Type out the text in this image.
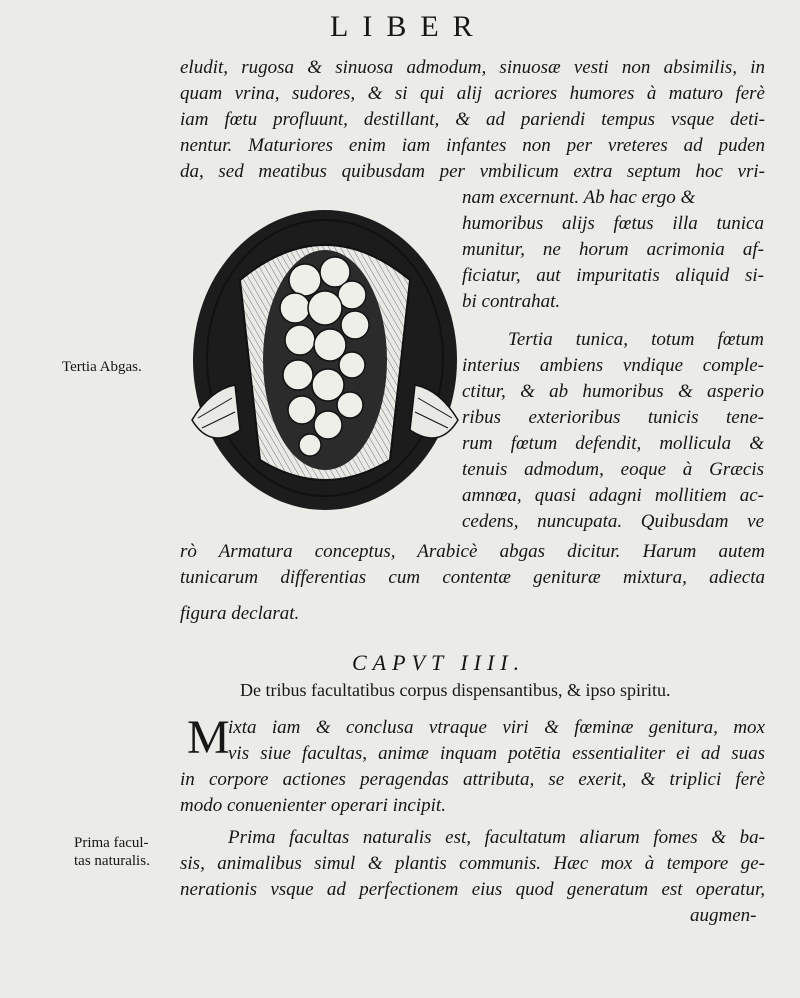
LIBER
eludit, rugosa & sinuosa admodum, sinuosæ vesti non absimilis, in
quam vrina, sudores, & si qui alij acriores humores à maturo ferè
iam fœtu profluunt, destillant, & ad pariendi tempus vsque deti-
nentur. Maturiores enim iam infantes non per vreteres ad puden
da, sed meatibus quibusdam per vmbilicum extra septum hoc vri-
nam excernunt. Ab hac ergo &
humoribus alijs fœtus illa tunica
munitur, ne horum acrimonia af-
ficiatur, aut impuritatis aliquid si-
bi contrahat.
Tertia tunica, totum fœtum
interius ambiens vndique comple-
ctitur, & ab humoribus & asperio
ribus exterioribus tunicis tene-
rum fœtum defendit, mollicula &
tenuis admodum, eoque à Græcis
amnœa, quasi adagni mollitiem ac-
cedens, nuncupata. Quibusdam ve
rò Armatura conceptus, Arabicè abgas dicitur. Harum autem
tunicarum differentias cum contentæ genituræ mixtura, adiecta
figura declarat.
CAPVT IIII.
De tribus facultatibus corpus dispensantibus, & ipso spiritu.
M
ixta iam & conclusa vtraque viri & fœminæ genitura, mox
vis siue facultas, animæ inquam potētia essentialiter ei ad suas
in corpore actiones peragendas attributa, se exerit, & triplici ferè
modo conuenienter operari incipit.
Prima facultas naturalis est, facultatum aliarum fomes & ba-
sis, animalibus simul & plantis communis. Hæc mox à tempore ge-
nerationis vsque ad perfectionem eius quod generatum est operatur,
augmen-
Tertia Abgas.
Prima facul-
tas naturalis.
